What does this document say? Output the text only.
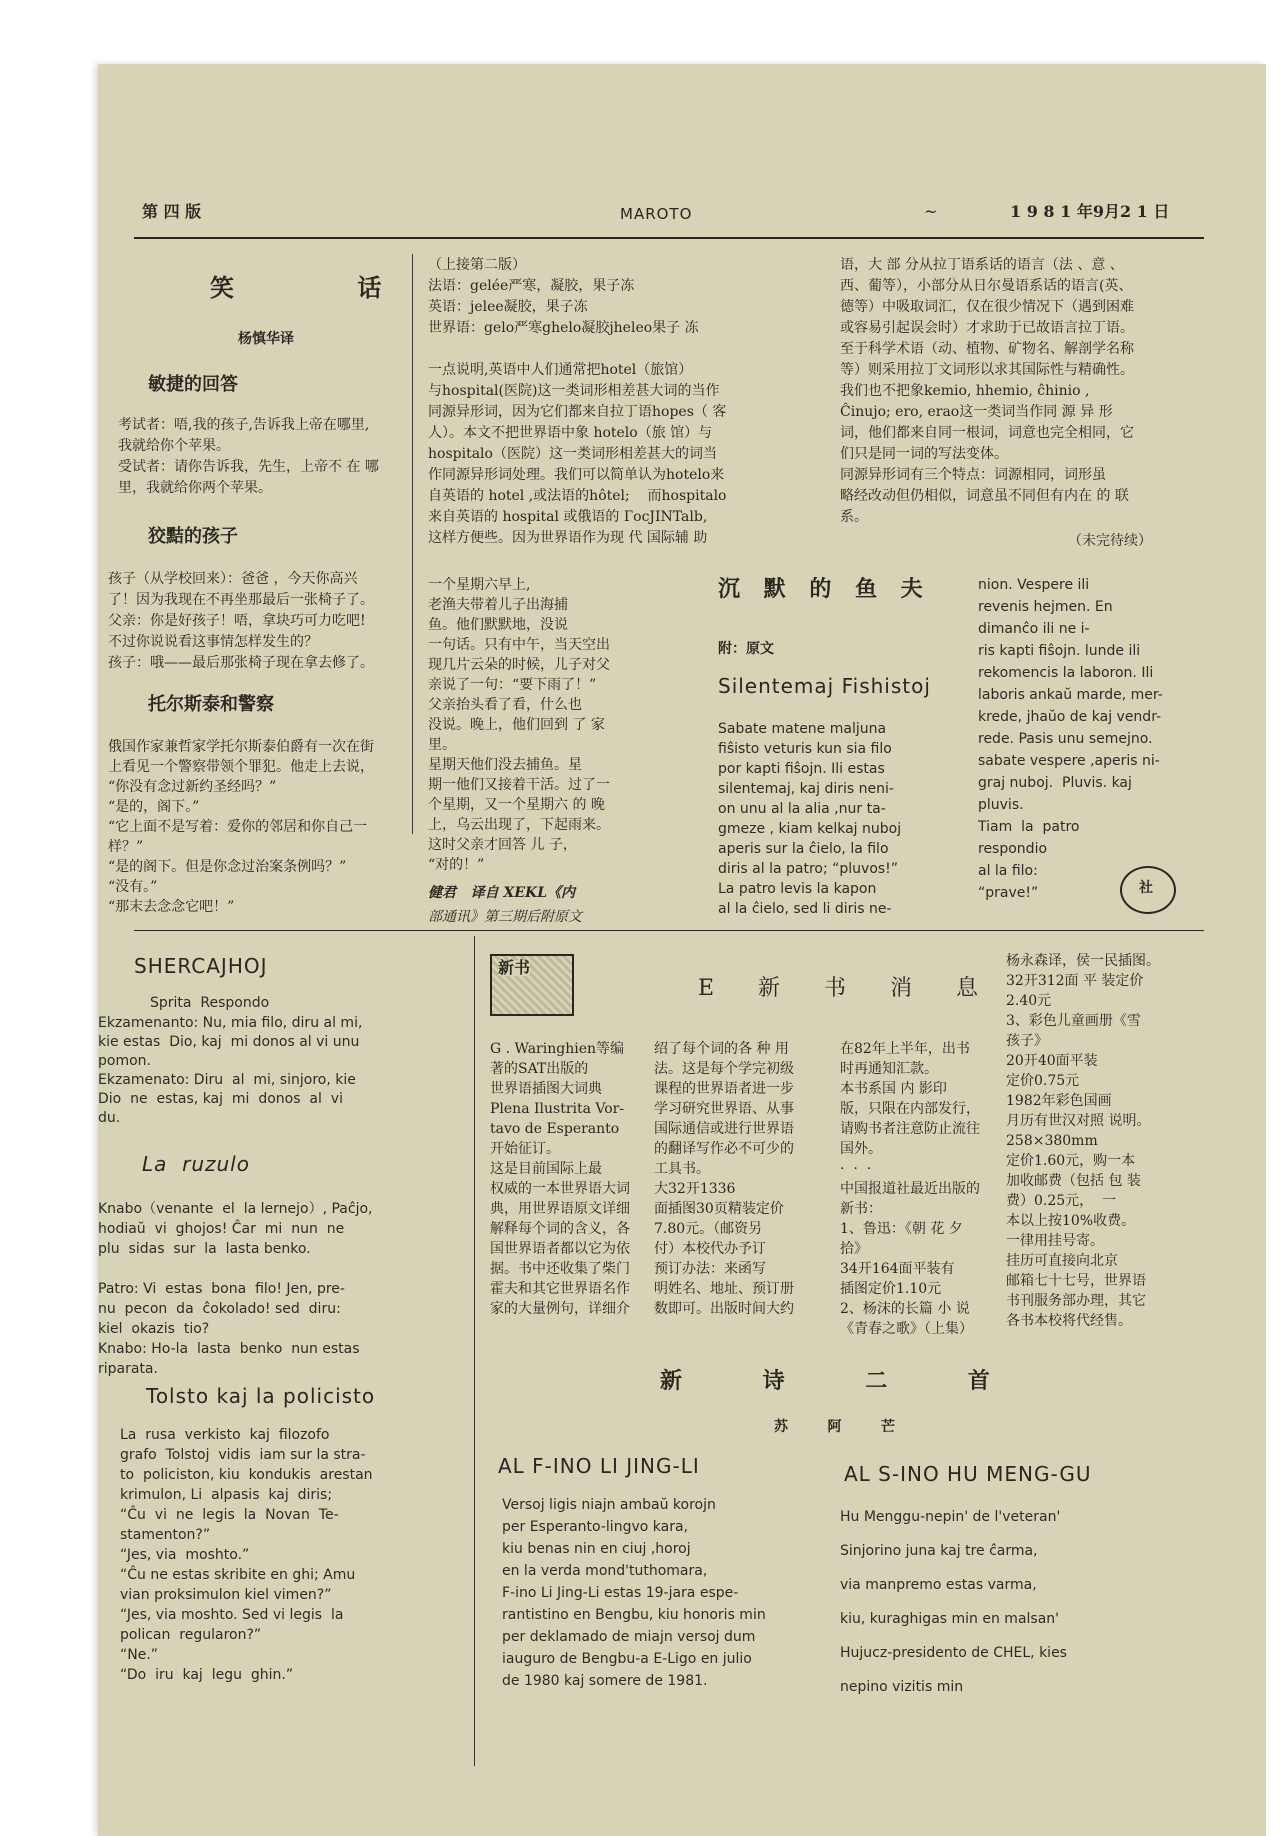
第 四 版	MAROTO	~	1 9 8 1 年9月2 1 日
笑    话
杨慎华译
敏捷的回答
考试者：唔,我的孩子,告诉我上帝在哪里,
我就给你个苹果。
受试者：请你告诉我，先生，上帝不 在 哪
里，我就给你两个苹果。
狡黠的孩子
孩子（从学校回来）：爸爸 ，今天你高兴
了！因为我现在不再坐那最后一张椅子了。
父亲：你是好孩子！唔，拿块巧可力吃吧!
不过你说说看这事情怎样发生的？
孩子：哦——最后那张椅子现在拿去修了。
托尔斯泰和警察
俄国作家兼哲家学托尔斯泰伯爵有一次在街
上看见一个警察带领个罪犯。他走上去说，
“你没有念过新约圣经吗？”
“是的，阁下。”
“它上面不是写着：爱你的邻居和你自己一
样？”
“是的阁下。但是你念过治案条例吗？”
“没有。”
“那末去念念它吧！”
（上接第二版）
法语：gelée严寒，凝胶，果子冻
英语：jelee凝胶，果子冻
世界语：gelo严寒ghelo凝胶jheleo果子 冻
一点说明,英语中人们通常把hotel（旅馆）
与hospital(医院)这一类词形相差甚大词的当作
同源异形词，因为它们都来自拉丁语hopes（ 客
人）。本文不把世界语中象 hotelo（旅 馆）与
hospitalo（医院）这一类词形相差甚大的词当
作同源异形词处理。我们可以简单认为hotelo来
自英语的 hotel ,或法语的hôtel;    而hospitalo
来自英语的 hospital 或俄语的 ГосJINTalb,
这样方便些。因为世界语作为现 代 国际辅 助
语，大 部 分从拉丁语系话的语言（法 、意 、
西、葡等），小部分从日尔曼语系话的语言(英、
德等）中吸取词汇，仅在很少情况下（遇到困难
或容易引起误会时）才求助于已故语言拉丁语。
至于科学术语（动、植物、矿物名、解剖学名称
等）则采用拉丁文词形以求其国际性与精确性。
我们也不把象kemio, hhemio, ĉhinio ,
Ĉinujo; ero, erao这一类词当作同 源 异 形
词，他们都来自同一根词，词意也完全相同，它
们只是同一词的写法变体。
同源异形词有三个特点：词源相同，词形虽
略经改动但仍相似，词意虽不同但有内在 的 联
系。
（未完待续）
一个星期六早上,
老渔夫带着儿子出海捕
鱼。他们默默地，没说
一句话。只有中午，当天空出
现几片云朵的时候，儿子对父
亲说了一句：“要下雨了！”
父亲抬头看了看，什么也
没说。晚上，他们回到 了 家
里。
星期天他们没去捕鱼。星
期一他们又接着干活。过了一
个星期，又一个星期六 的 晚
上，乌云出现了，下起雨来。
这时父亲才回答 儿 子，
“对的！”
健君   译自 XEKL《内
部通讯》第三期后附原文
沉 默 的 鱼 夫
附：原文
Silentemaj Fishistoj
Sabate matene maljuna
fiŝisto veturis kun sia filo
por kapti fiŝojn. Ili estas
silentemaj, kaj diris neni-
on unu al la alia ,nur ta-
gmeze , kiam kelkaj nuboj
aperis sur la ĉielo, la filo
diris al la patro; “pluvos!”
La patro levis la kapon
al la ĉielo, sed li diris ne-
nion. Vespere ili
revenis hejmen. En
dimanĉo ili ne i-
ris kapti fiŝojn. lunde ili
rekomencis la laboron. Ili
laboris ankaŭ marde, mer-
krede, jhaŭo de kaj vendr-
rede. Pasis unu semejno.
sabate vespere ,aperis ni-
graj nuboj.  Pluvis. kaj
pluvis.
Tiam  la  patro
respondio
al la filo:
“prave!”	社
SHERCAJHOJ
Sprita  Respondo
Ekzamenanto: Nu, mia filo, diru al mi,
kie estas  Dio, kaj  mi donos al vi unu
pomon.
Ekzamenato: Diru  al  mi, sinjoro, kie
Dio  ne  estas, kaj  mi  donos  al  vi
du.
La  ruzulo
Knabo（venante  el  la lernejo）, Paĉjo,
hodiaŭ  vi  ghojos! Ĉar  mi  nun  ne
plu  sidas  sur  la  lasta benko.
Patro: Vi  estas  bona  filo! Jen, pre-
nu  pecon  da  ĉokolado! sed  diru:
kiel  okazis  tio?
Knabo: Ho-la  lasta  benko  nun estas
riparata.
Tolsto kaj la policisto
La  rusa  verkisto  kaj  filozofo
grafo  Tolstoj  vidis  iam sur la stra-
to  policiston, kiu  kondukis  arestan
krimulon, Li  alpasis  kaj  diris;
“Ĉu  vi  ne  legis  la  Novan  Te-
stamenton?”
“Jes, via  moshto.”
“Ĉu ne estas skribite en ghi; Amu
vian proksimulon kiel vimen?”
“Jes, via moshto. Sed vi legis  la
polican  regularon?”
“Ne.”
“Do  iru  kaj  legu  ghin.”
新书
E  新  书  消  息
G . Waringhien等编
著的SAT出版的
世界语插图大词典
Plena Ilustrita Vor-
tavo de Esperanto
开始征订。
这是目前国际上最
权威的一本世界语大词
典，用世界语原文详细
解释每个词的含义，各
国世界语者都以它为依
据。书中还收集了柴门
霍夫和其它世界语名作
家的大量例句，详细介
绍了每个词的各 种 用
法。这是每个学完初级
课程的世界语者进一步
学习研究世界语、从事
国际通信或进行世界语
的翻译写作必不可少的
工具书。
大32开1336
面插图30页精装定价
7.80元。（邮资另
付）本校代办予订
预订办法：来函写
明姓名、地址、预订册
数即可。出版时间大约
在82年上半年，出书
时再通知汇款。
本书系国 内 影印
版，只限在内部发行，
请购书者注意防止流往
国外。
·  ·  ·
中国报道社最近出版的
新书：
1、鲁迅：《朝 花 夕
拾》
34开164面平装有
插图定价1.10元
2、杨沫的长篇 小 说
《青春之歌》（上集）
杨永森译，侯一民插图。
32开312面 平 装定价
2.40元
3、彩色儿童画册《雪
孩子》
20开40面平装
定价0.75元
1982年彩色国画
月历有世汉对照 说明。
258×380mm
定价1.60元，购一本
加收邮费（包括 包 装
费）0.25元，  一
本以上按10%收费。
一律用挂号寄。
挂历可直接向北京
邮箱七十七号，世界语
书刊服务部办理，其它
各书本校将代经售。
新    诗    二    首
苏    阿    芒
AL F-INO LI JING-LI
Versoj ligis niajn ambaŭ korojn
per Esperanto-lingvo kara,
kiu benas nin en ciuj ,horoj
en la verda mond'tuthomara,
F-ino Li Jing-Li estas 19-jara espe-
rantistino en Bengbu, kiu honoris min
per deklamado de miajn versoj dum
iauguro de Bengbu-a E-Ligo en julio
de 1980 kaj somere de 1981.
AL S-INO HU MENG-GU
Hu Menggu-nepin' de l'veteran'
Sinjorino juna kaj tre ĉarma,
via manpremo estas varma,
kiu, kuraghigas min en malsan'
Hujucz-presidento de CHEL, kies
nepino vizitis min
